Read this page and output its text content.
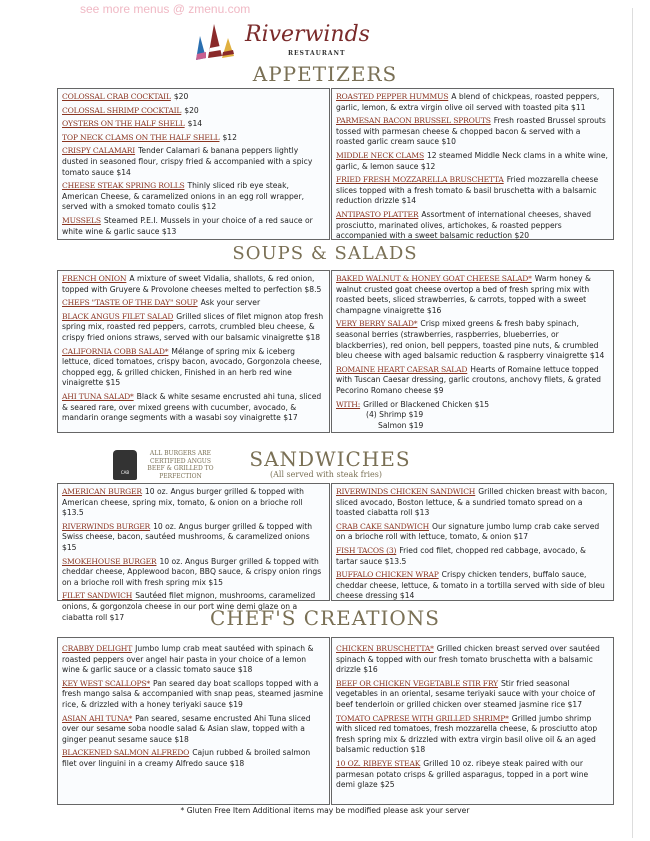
see more menus @ zmenu.com
Riverwinds
RESTAURANT
APPETIZERS
COLOSSAL CRAB COCKTAIL $20
COLOSSAL SHRIMP COCKTAIL $20
OYSTERS ON THE HALF SHELL $14
TOP NECK CLAMS ON THE HALF SHELL $12
CRISPY CALAMARI Tender Calamari & banana peppers lightly dusted in seasoned flour, crispy fried & accompanied with a spicy tomato sauce $14
CHEESE STEAK SPRING ROLLS Thinly sliced rib eye steak, American Cheese, & caramelized onions in an egg roll wrapper, served with a smoked tomato coulis $12
MUSSELS Steamed P.E.I. Mussels in your choice of a red sauce or white wine & garlic sauce $13
ROASTED PEPPER HUMMUS A blend of chickpeas, roasted peppers, garlic, lemon, & extra virgin olive oil served with toasted pita $11
PARMESAN BACON BRUSSEL SPROUTS Fresh roasted Brussel sprouts tossed with parmesan cheese & chopped bacon & served with a roasted garlic cream sauce $10
MIDDLE NECK CLAMS 12 steamed Middle Neck clams in a white wine, garlic, & lemon sauce $12
FRIED FRESH MOZZARELLA BRUSCHETTA Fried mozzarella cheese slices topped with a fresh tomato & basil bruschetta with a balsamic reduction drizzle $14
ANTIPASTO PLATTER Assortment of international cheeses, shaved prosciutto, marinated olives, artichokes, & roasted peppers accompanied with a sweet balsamic reduction $20
SOUPS & SALADS
FRENCH ONION A mixture of sweet Vidalia, shallots, & red onion, topped with Gruyere & Provolone cheeses melted to perfection $8.5
CHEFS "TASTE OF THE DAY" SOUP Ask your server
BLACK ANGUS FILET SALAD Grilled slices of filet mignon atop fresh spring mix, roasted red peppers, carrots, crumbled bleu cheese, & crispy fried onions straws, served with our balsamic vinaigrette $18
CALIFORNIA COBB SALAD* Mélange of spring mix & iceberg lettuce, diced tomatoes, crispy bacon, avocado, Gorgonzola cheese, chopped egg, & grilled chicken, Finished in an herb red wine vinaigrette $15
AHI TUNA SALAD* Black & white sesame encrusted ahi tuna, sliced & seared rare, over mixed greens with cucumber, avocado, & mandarin orange segments with a wasabi soy vinaigrette $17
BAKED WALNUT & HONEY GOAT CHEESE SALAD* Warm honey & walnut crusted goat cheese overtop a bed of fresh spring mix with roasted beets, sliced strawberries, & carrots, topped with a sweet champagne vinaigrette $16
VERY BERRY SALAD* Crisp mixed greens & fresh baby spinach, seasonal berries (strawberries, raspberries, blueberries, or blackberries), red onion, bell peppers, toasted pine nuts, & crumbled bleu cheese with aged balsamic reduction & raspberry vinaigrette $14
ROMAINE HEART CAESAR SALAD Hearts of Romaine lettuce topped with Tuscan Caesar dressing, garlic croutons, anchovy filets, & grated Pecorino Romano cheese $9
WITH: Grilled or Blackened Chicken $15
(4) Shrimp $19
Salmon $19
CAB
ALL BURGERS ARE CERTIFIED ANGUS BEEF & GRILLED TO PERFECTION
SANDWICHES
(All served with steak fries)
AMERICAN BURGER 10 oz. Angus burger grilled & topped with American cheese, spring mix, tomato, & onion on a brioche roll $13.5
RIVERWINDS BURGER 10 oz. Angus burger grilled & topped with Swiss cheese, bacon, sautéed mushrooms, & caramelized onions $15
SMOKEHOUSE BURGER 10 oz. Angus Burger grilled & topped with cheddar cheese, Applewood bacon, BBQ sauce, & crispy onion rings on a brioche roll with fresh spring mix $15
FILET SANDWICH Sautéed filet mignon, mushrooms, caramelized onions, & gorgonzola cheese in our port wine demi glaze on a ciabatta roll $17
RIVERWINDS CHICKEN SANDWICH Grilled chicken breast with bacon, sliced avocado, Boston lettuce, & a sundried tomato spread on a toasted ciabatta roll $13
CRAB CAKE SANDWICH Our signature jumbo lump crab cake served on a brioche roll with lettuce, tomato, & onion $17
FISH TACOS (3) Fried cod filet, chopped red cabbage, avocado, & tartar sauce $13.5
BUFFALO CHICKEN WRAP Crispy chicken tenders, buffalo sauce, cheddar cheese, lettuce, & tomato in a tortilla served with side of bleu cheese dressing $14
CHEF'S CREATIONS
CRABBY DELIGHT Jumbo lump crab meat sautéed with spinach & roasted peppers over angel hair pasta in your choice of a lemon wine & garlic sauce or a classic tomato sauce $18
KEY WEST SCALLOPS* Pan seared day boat scallops topped with a fresh mango salsa & accompanied with snap peas, steamed jasmine rice, & drizzled with a honey teriyaki sauce $19
ASIAN AHI TUNA* Pan seared, sesame encrusted Ahi Tuna sliced over our sesame soba noodle salad & Asian slaw, topped with a ginger peanut sesame sauce $18
BLACKENED SALMON ALFREDO Cajun rubbed & broiled salmon filet over linguini in a creamy Alfredo sauce $18
CHICKEN BRUSCHETTA* Grilled chicken breast served over sautéed spinach & topped with our fresh tomato bruschetta with a balsamic drizzle $16
BEEF OR CHICKEN VEGETABLE STIR FRY Stir fried seasonal vegetables in an oriental, sesame teriyaki sauce with your choice of beef tenderloin or grilled chicken over steamed jasmine rice $17
TOMATO CAPRESE WITH GRILLED SHRIMP* Grilled jumbo shrimp with sliced red tomatoes, fresh mozzarella cheese, & prosciutto atop fresh spring mix & drizzled with extra virgin basil olive oil & an aged balsamic reduction $18
10 OZ. RIBEYE STEAK Grilled 10 oz. ribeye steak paired with our parmesan potato crisps & grilled asparagus, topped in a port wine demi glaze $25
* Gluten Free Item Additional items may be modified please ask your server
